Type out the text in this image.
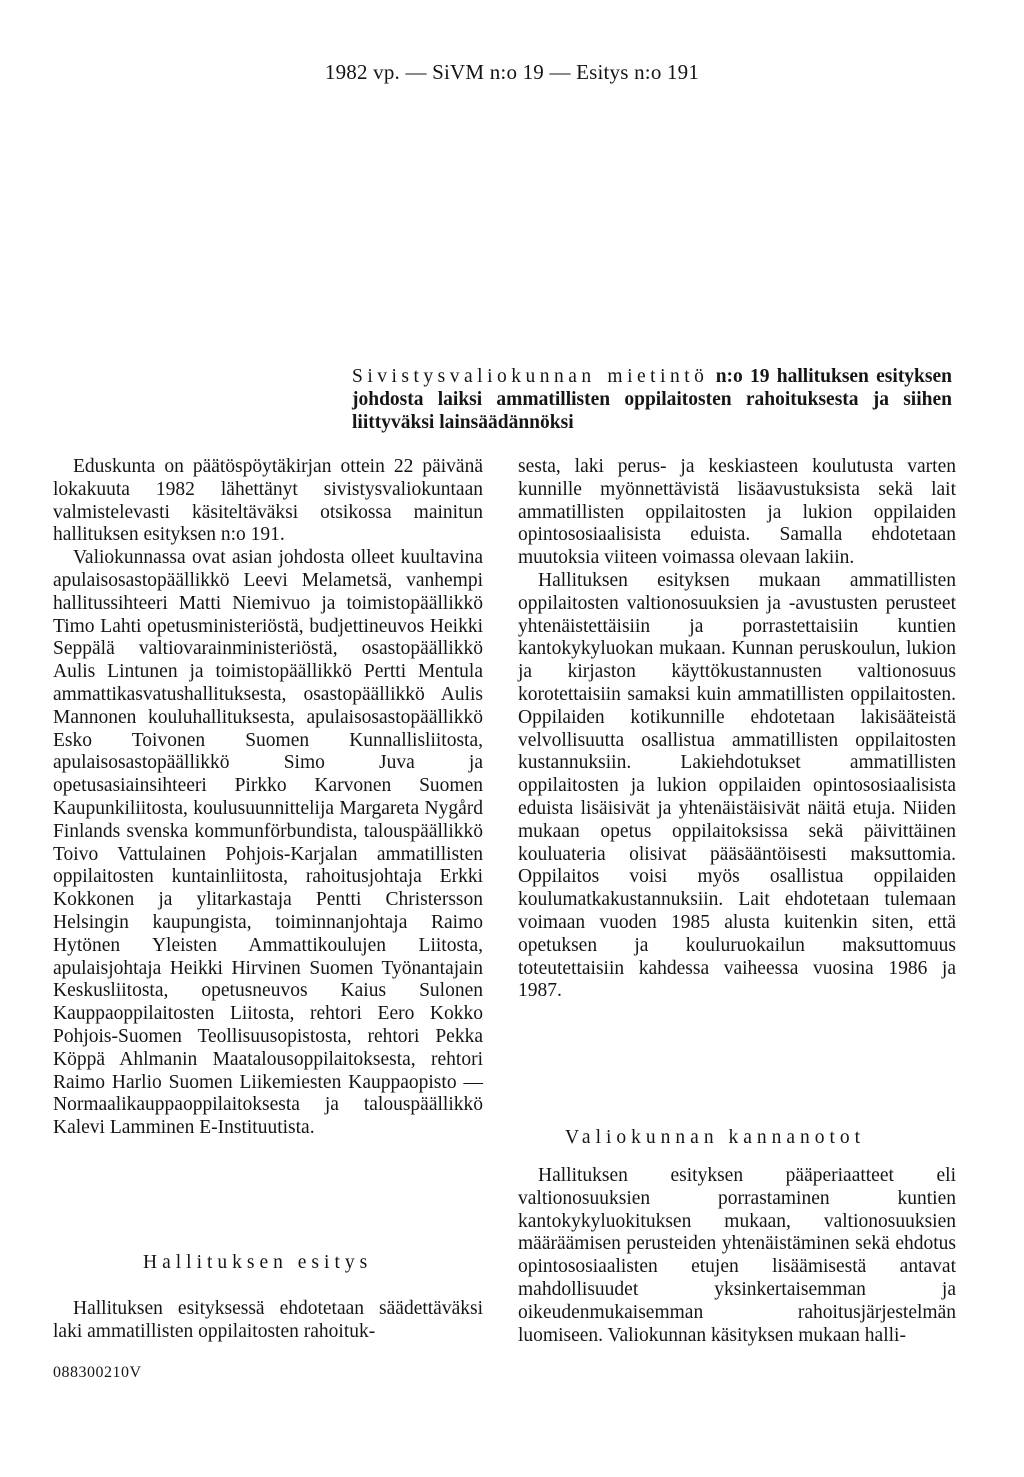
1982 vp. — SiVM n:o 19 — Esitys n:o 191
Sivistysvaliokunnan mietintö n:o 19 hallituksen esityksen johdosta laiksi ammatillisten oppilaitosten rahoituksesta ja siihen liittyväksi lainsäädännöksi

Eduskunta on päätöspöytäkirjan ottein 22 päivänä lokakuuta 1982 lähettänyt sivistysvaliokuntaan valmistelevasti käsiteltäväksi otsikossa mainitun hallituksen esityksen n:o 191.

Valiokunnassa ovat asian johdosta olleet kuultavina apulaisosastopäällikkö Leevi Melametsä, vanhempi hallitussihteeri Matti Niemivuo ja toimistopäällikkö Timo Lahti opetusministeriöstä, budjettineuvos Heikki Seppälä valtiovarainministeriöstä, osastopäällikkö Aulis Lintunen ja toimistopäällikkö Pertti Mentula ammattikasvatushallituksesta, osastopäällikkö Aulis Mannonen kouluhallituksesta, apulaisosastopäällikkö Esko Toivonen Suomen Kunnallisliitosta, apulaisosastopäällikkö Simo Juva ja opetusasiainsihteeri Pirkko Karvonen Suomen Kaupunkiliitosta, koulusuunnittelija Margareta Nygård Finlands svenska kommunförbundista, talouspäällikkö Toivo Vattulainen Pohjois-Karjalan ammatillisten oppilaitosten kuntainliitosta, rahoitusjohtaja Erkki Kokkonen ja ylitarkastaja Pentti Christersson Helsingin kaupungista, toiminnanjohtaja Raimo Hytönen Yleisten Ammattikoulujen Liitosta, apulaisjohtaja Heikki Hirvinen Suomen Työnantajain Keskusliitosta, opetusneuvos Kaius Sulonen Kauppaoppilaitosten Liitosta, rehtori Eero Kokko Pohjois-Suomen Teollisuusopistosta, rehtori Pekka Köppä Ahlmanin Maatalousoppilaitoksesta, rehtori Raimo Harlio Suomen Liikemiesten Kauppaopisto — Normaalikauppaoppilaitoksesta ja talouspäällikkö Kalevi Lamminen E-Instituutista.

Hallituksen esitys

Hallituksen esityksessä ehdotetaan säädettäväksi laki ammatillisten oppilaitosten rahoituk-

sesta, laki perus- ja keskiasteen koulutusta varten kunnille myönnettävistä lisäavustuksista sekä lait ammatillisten oppilaitosten ja lukion oppilaiden opintososiaalisista eduista. Samalla ehdotetaan muutoksia viiteen voimassa olevaan lakiin.

Hallituksen esityksen mukaan ammatillisten oppilaitosten valtionosuuksien ja -avustusten perusteet yhtenäistettäisiin ja porrastettaisiin kuntien kantokykyluokan mukaan. Kunnan peruskoulun, lukion ja kirjaston käyttökustannusten valtionosuus korotettaisiin samaksi kuin ammatillisten oppilaitosten. Oppilaiden kotikunnille ehdotetaan lakisääteistä velvollisuutta osallistua ammatillisten oppilaitosten kustannuksiin. Lakiehdotukset ammatillisten oppilaitosten ja lukion oppilaiden opintososiaalisista eduista lisäisivät ja yhtenäistäisivät näitä etuja. Niiden mukaan opetus oppilaitoksissa sekä päivittäinen kouluateria olisivat pääsääntöisesti maksuttomia. Oppilaitos voisi myös osallistua oppilaiden koulumatkakustannuksiin. Lait ehdotetaan tulemaan voimaan vuoden 1985 alusta kuitenkin siten, että opetuksen ja kouluruokailun maksuttomuus toteutettaisiin kahdessa vaiheessa vuosina 1986 ja 1987.

Valiokunnan kannanotot

Hallituksen esityksen pääperiaatteet eli valtionosuuksien porrastaminen kuntien kantokykyluokituksen mukaan, valtionosuuksien määräämisen perusteiden yhtenäistäminen sekä ehdotus opintososiaalisten etujen lisäämisestä antavat mahdollisuudet yksinkertaisemman ja oikeudenmukaisemman rahoitusjärjestelmän luomiseen. Valiokunnan käsityksen mukaan halli-

088300210V
